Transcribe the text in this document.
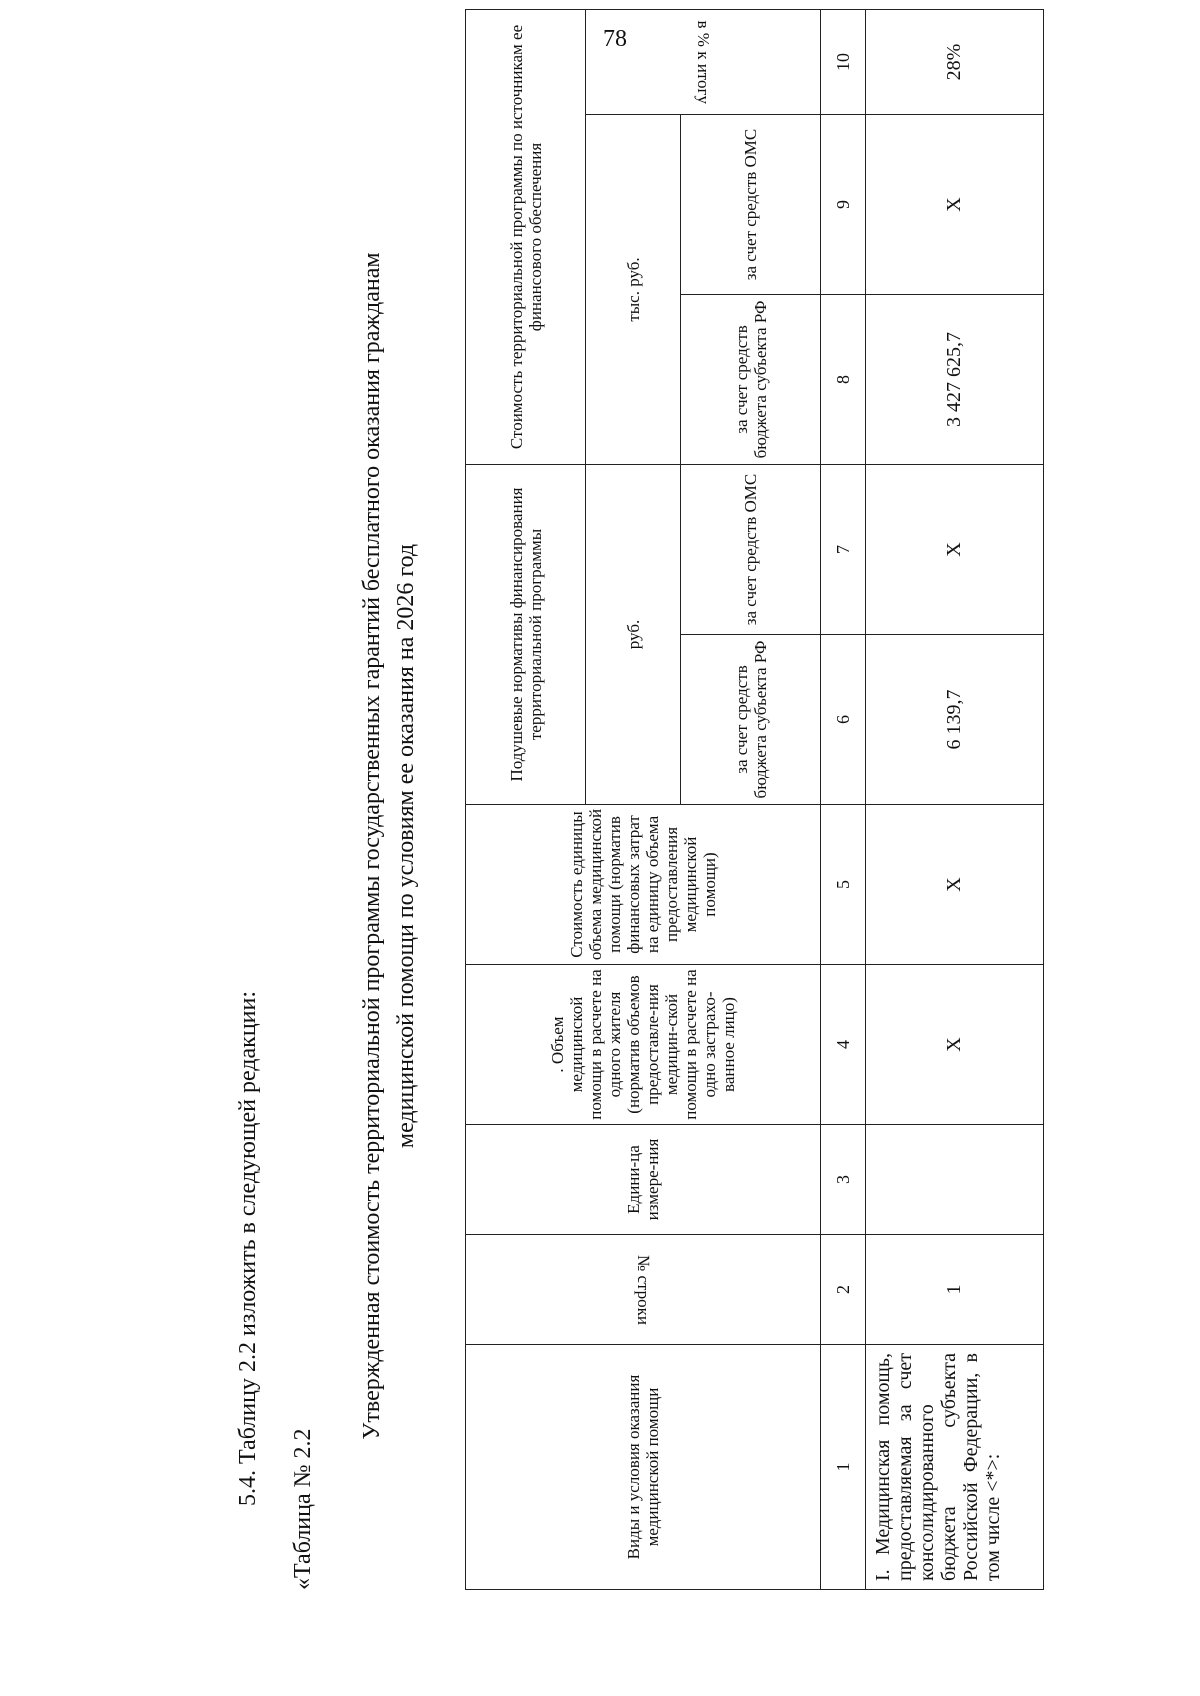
78
5.4. Таблицу 2.2 изложить в следующей редакции:
«Таблица № 2.2
Утвержденная стоимость территориальной программы государственных гарантий бесплатного оказания гражданам медицинской помощи по условиям ее оказания на 2026 год
Виды и условия оказания медицинской помощи	№ строки	Едини-ца измере-ния	. Объем медицинской помощи в расчете на одного жителя (норматив объемов предоставле-ния медицин-ской помощи в расчете на одно застрахо-ванное лицо)	Стоимость единицы объема медицинской помощи (норматив финансовых затрат на единицу объема предоставления медицинской помощи)	Подушевые нормативы финансирования территориальной программы		Стоимость территориальной программы по источникам ее финансового обеспечения		
					руб.		тыс. руб.		в % к итогу
					за счет средств бюджета субъекта РФ	за счет средств ОМС	за счет средств бюджета субъекта РФ	за счет средств ОМС	
1	2	3	4	5	6	7	8	9	10
I. Медицинская помощь, предоставляемая за счет консолидированного бюджета субъекта Российской Федерации, в том числе <*>:	1		X	X	6 139,7	X	3 427 625,7	X	28%
